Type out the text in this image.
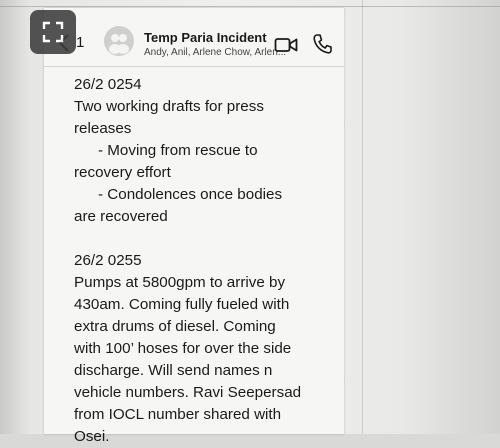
1	Temp Paria Incident
Andy, Anil, Arlene Chow, Arlen...
26/2 0254
Two working drafts for press
releases
- Moving from rescue to
recovery effort
- Condolences once bodies
are recovered
26/2 0255
Pumps at 5800gpm to arrive by
430am. Coming fully fueled with
extra drums of diesel. Coming
with 100’ hoses for over the side
discharge. Will send names n
vehicle numbers. Ravi Seepersad
from IOCL number shared with
Osei.
